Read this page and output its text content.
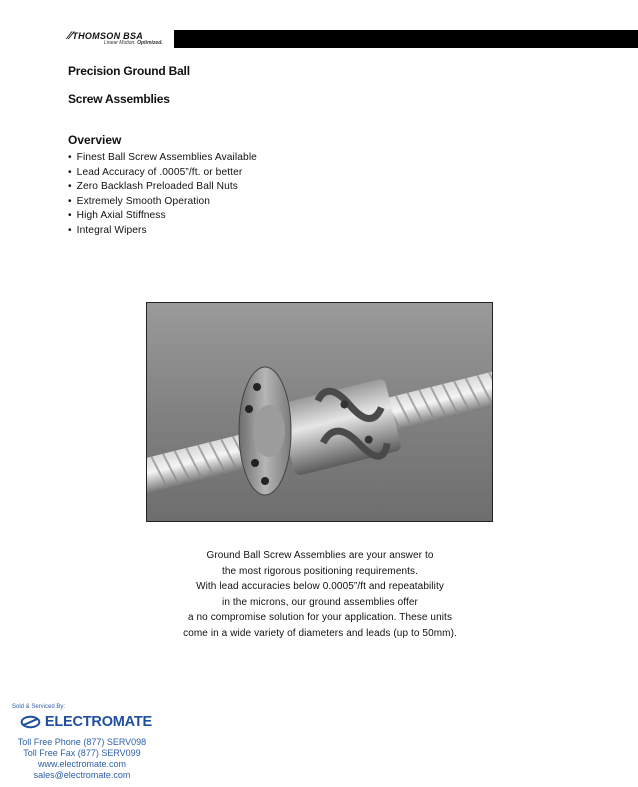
∕∕THOMSON BSA
Linear Motion. Optimized.
Precision Ground Ball
Screw Assemblies
Overview
• Finest Ball Screw Assemblies Available
• Lead Accuracy of .0005”/ft. or better
• Zero Backlash Preloaded Ball Nuts
• Extremely Smooth Operation
• High Axial Stiffness
• Integral Wipers
Ground Ball Screw Assemblies are your answer to
the most rigorous positioning requirements.
With lead accuracies below 0.0005”/ft and repeatability
in the microns, our ground assemblies offer
a no compromise solution for your application. These units
come in a wide variety of diameters and leads (up to 50mm).
Sold & Serviced By:
ELECTROMATE
Toll Free Phone (877) SERV098
Toll Free Fax (877) SERV099
www.electromate.com
sales@electromate.com
